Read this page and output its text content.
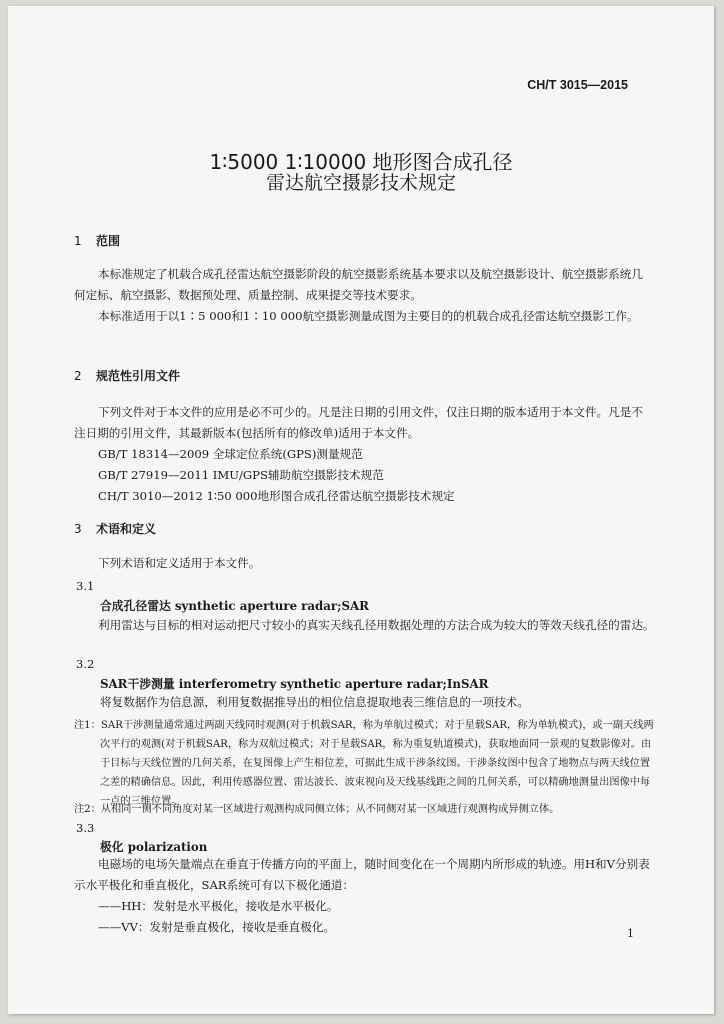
CH/T 3015—2015
1∶5000 1∶10000 地形图合成孔径
雷达航空摄影技术规定
1 范围
本标准规定了机载合成孔径雷达航空摄影阶段的航空摄影系统基本要求以及航空摄影设计、航空摄影系统几何定标、航空摄影、数据预处理、质量控制、成果提交等技术要求。
本标准适用于以1∶5 000和1∶10 000航空摄影测量成图为主要目的的机载合成孔径雷达航空摄影工作。
2 规范性引用文件
下列文件对于本文件的应用是必不可少的。凡是注日期的引用文件，仅注日期的版本适用于本文件。凡是不注日期的引用文件，其最新版本(包括所有的修改单)适用于本文件。
GB/T 18314—2009 全球定位系统(GPS)测量规范
GB/T 27919—2011 IMU/GPS辅助航空摄影技术规范
CH/T 3010—2012 1∶50 000地形图合成孔径雷达航空摄影技术规定
3 术语和定义
下列术语和定义适用于本文件。
3.1
合成孔径雷达 synthetic aperture radar;SAR
利用雷达与目标的相对运动把尺寸较小的真实天线孔径用数据处理的方法合成为较大的等效天线孔径的雷达。
3.2
SAR干涉测量 interferometry synthetic aperture radar;InSAR
将复数据作为信息源，利用复数据推导出的相位信息提取地表三维信息的一项技术。
注1：SAR干涉测量通常通过两副天线同时观测(对于机载SAR，称为单航过模式；对于星载SAR，称为单轨模式)，或一副天线两次平行的观测(对于机载SAR，称为双航过模式；对于星载SAR，称为重复轨道模式)，获取地面同一景观的复数影像对。由于目标与天线位置的几何关系，在复图像上产生相位差，可据此生成干涉条纹图。干涉条纹图中包含了地物点与两天线位置之差的精确信息。因此，利用传感器位置、雷达波长、波束视向及天线基线距之间的几何关系，可以精确地测量出图像中每一点的三维位置。
注2：从相同一侧不同角度对某一区域进行观测构成同侧立体；从不同侧对某一区域进行观测构成异侧立体。
3.3
极化 polarization
电磁场的电场矢量端点在垂直于传播方向的平面上，随时间变化在一个周期内所形成的轨迹。用H和V分别表示水平极化和垂直极化，SAR系统可有以下极化通道：
——HH：发射是水平极化，接收是水平极化。
——VV：发射是垂直极化，接收是垂直极化。	1
